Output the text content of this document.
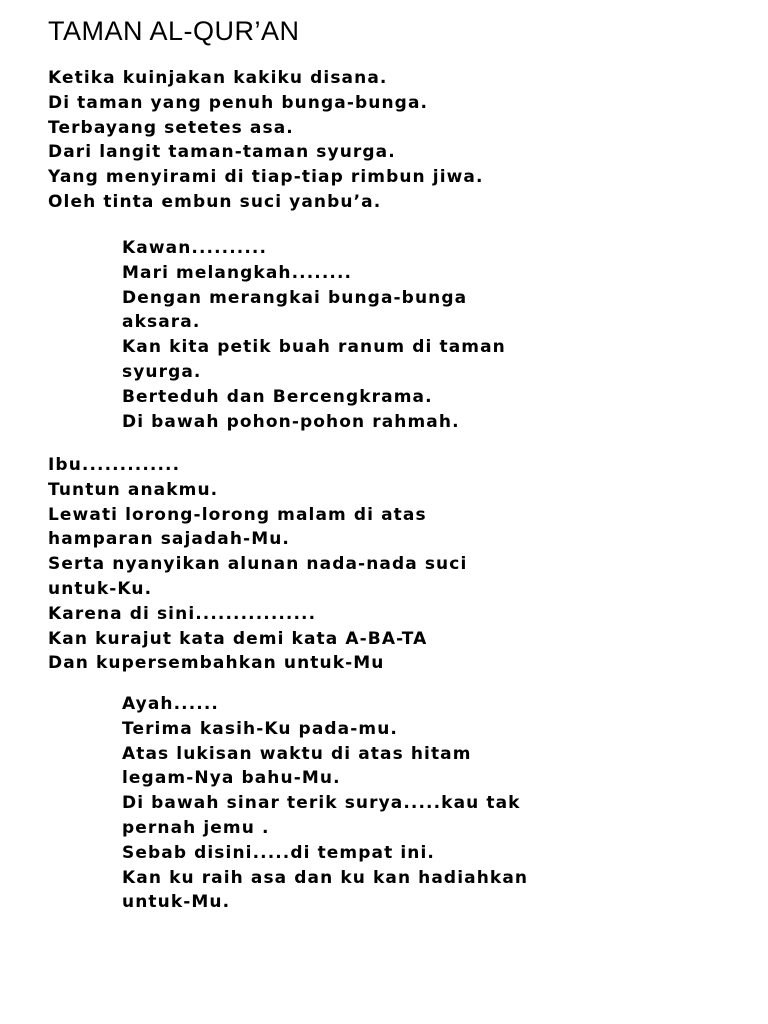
TAMAN AL-QUR’AN
Ketika kuinjakan kakiku disana.
Di taman yang penuh bunga-bunga.
Terbayang setetes asa.
Dari langit taman-taman syurga.
Yang menyirami di tiap-tiap rimbun jiwa.
Oleh tinta embun suci yanbu’a.
Kawan..........
Mari melangkah........
Dengan merangkai bunga-bunga
aksara.
Kan kita petik buah ranum di taman
syurga.
Berteduh dan Bercengkrama.
Di bawah pohon-pohon rahmah.
Ibu.............
Tuntun anakmu.
Lewati lorong-lorong malam di atas
hamparan sajadah-Mu.
Serta nyanyikan alunan nada-nada suci
untuk-Ku.
Karena di sini................
Kan kurajut kata demi kata A-BA-TA
Dan kupersembahkan untuk-Mu
Ayah......
Terima kasih-Ku pada-mu.
Atas lukisan waktu di atas hitam
legam-Nya bahu-Mu.
Di bawah sinar terik surya.....kau tak
pernah jemu .
Sebab disini.....di tempat ini.
Kan ku raih asa dan ku kan hadiahkan
untuk-Mu.
